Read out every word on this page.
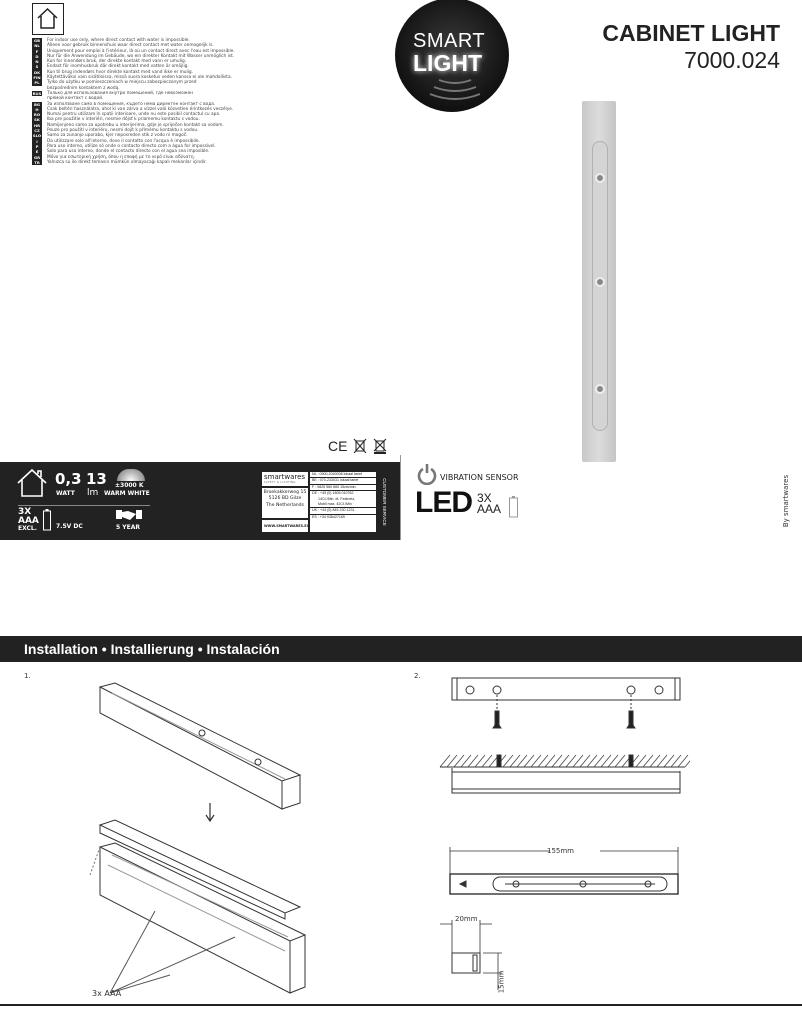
GB	For indoor use only, where direct contact with water is impossible.
NL	Alleen voor gebruik binnenshuis waar direct contact met water onmogelijk is.
F	Uniquement pour emploi à l'intérieur, là où un contact direct avec l'eau est impossible.
D	Nur für die Anwendung im Gebäude, wo ein direkter Kontakt mit Wasser unmöglich ist.
N	Kun for innendørs bruk, der direkte kontakt med vann er umulig.
S	Endast för inomhusbruk där direkt kontakt med vatten är omöjlig.
DK	Kun til brug indendørs hvor direkte kontakt med vand ikke er mulig.
FIN	Käytettäväksi vain sisätiloissa, missä suora kosketus veden kanssa ei ole mahdollista.
PL	Tylko do użytku w pomieszczeniach w miejscu zabezpieczonym przed
bezpośrednim kontaktem z wodą.
RUS Только для использования внутри помещений, где невозможен
прямой контакт с водой.
BG	За използване само в помещения, където няма директен контакт с вода.
H	Csak beltéri használatra, ahol ki van zárva a vízzel való közvetlen érintkezés veszélye.
RO	Numai pentru utilizare în spații interioare, unde nu este posibil contactul cu apa.
SK	Iba pre použitie v interiéri, nesmie dôjsť k priamemu kontaktu s vodou.
HR	Namijenjeno samo za upotrebu u interijerima, gdje je spriječen kontakt sa vodom.
CZ	Pouze pro použití v interiéru, nesmí dojít k přímému kontaktu s vodou.
SLO Samo za zunanjo uporabo, kjer neposreden stik z vodo ni mogoč.
I	Da utilizzare solo all'interno, dove il contatto con l'acqua è impossibile.
P	Para uso interno, utilize só onde o contacto directo com a água for impossível.
E	Solo para uso interno, donde el contacto directo con el agua sea imposible.
GR	Μόνο για εσωτερική χρήση, όπου η επαφή με το νερό είναι αδύνατη.
TR	Yalnızca su ile direkt temasın mümkün olmayacağı kapalı mekanlar içindir.
CE
0,3
WATT
13
lm
±3000 K
WARM WHITE
3X
AAA
EXCL.	7.5V DC	5 YEAR
smartwares
SAFETY & LIGHTING
Broekakkerweg 15
5126 BD Gilze
The Netherlands
WWW.SMARTWARES.EU
NL : 0900-2040008 lokaal tarief
BE : 070-233031 lokaal tarief
F : 0825 560 660 15cts/min.
DE : +49 (0) 1805 010762
14Ct./Min. dt. Festnetz,
Mobil max. 42Ct./Min
UK : +44 (0) 845 230 1231
ES : +34 938427169	CUSTOMER SERVICE
SMART
LIGHT
CABINET LIGHT
7000.024
VIBRATION SENSOR
LED 3X
AAA	By smartwares
Installation • Installierung • Instalación
1.	2.
3x AAA
155mm
20mm
15mm
